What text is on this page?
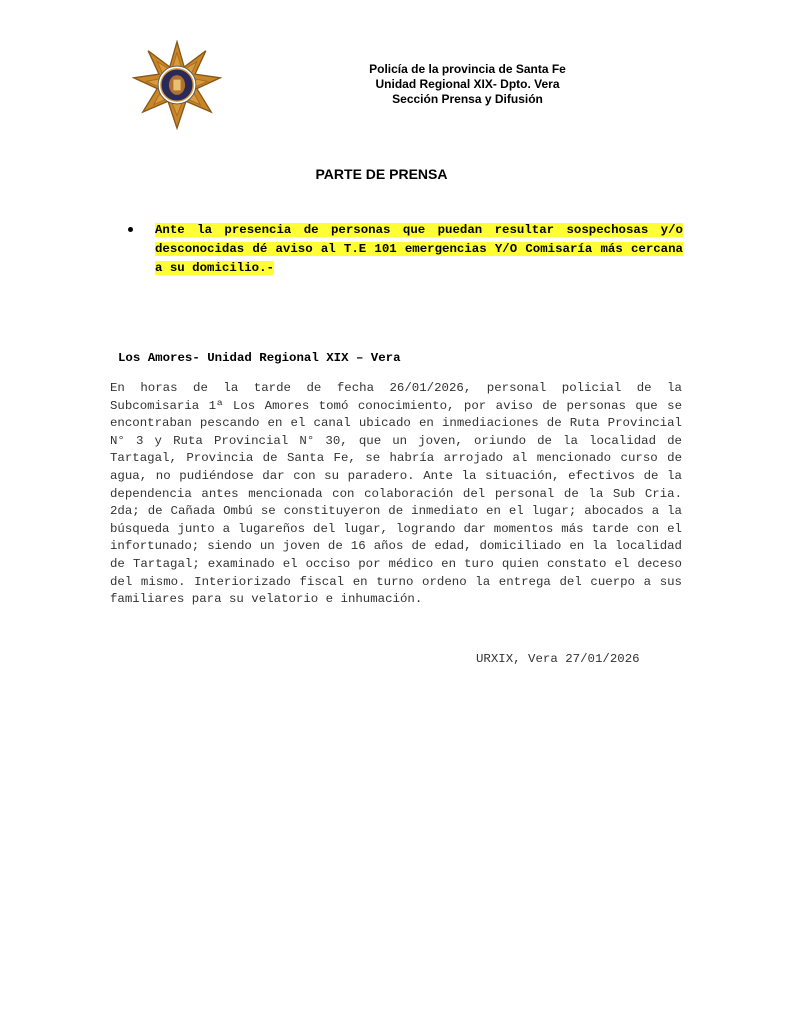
Policía de la provincia de Santa Fe
Unidad Regional XIX- Dpto. Vera
Sección Prensa y Difusión
PARTE DE PRENSA

Ante la presencia de personas que puedan resultar sospechosas y/o desconocidas dé aviso al T.E 101 emergencias Y/O Comisaría más cercana a su domicilio.-

Los Amores- Unidad Regional XIX – Vera

En horas de la tarde de fecha 26/01/2026, personal policial de la Subcomisaria 1ª Los Amores tomó conocimiento, por aviso de personas que se encontraban pescando en el canal ubicado en inmediaciones de Ruta Provincial N° 3 y Ruta Provincial N° 30, que un joven, oriundo de la localidad de Tartagal, Provincia de Santa Fe, se habría arrojado al mencionado curso de agua, no pudiéndose dar con su paradero. Ante la situación, efectivos de la dependencia antes mencionada con colaboración del personal de la Sub Cria. 2da; de Cañada Ombú se constituyeron de inmediato en el lugar; abocados a la búsqueda junto a lugareños del lugar, logrando dar momentos más tarde con el infortunado; siendo un joven de 16 años de edad, domiciliado en la localidad de Tartagal; examinado el occiso por médico en turo quien constato el deceso del mismo. Interiorizado fiscal en turno ordeno la entrega del cuerpo a sus familiares para su velatorio e inhumación.

URXIX, Vera 27/01/2026
